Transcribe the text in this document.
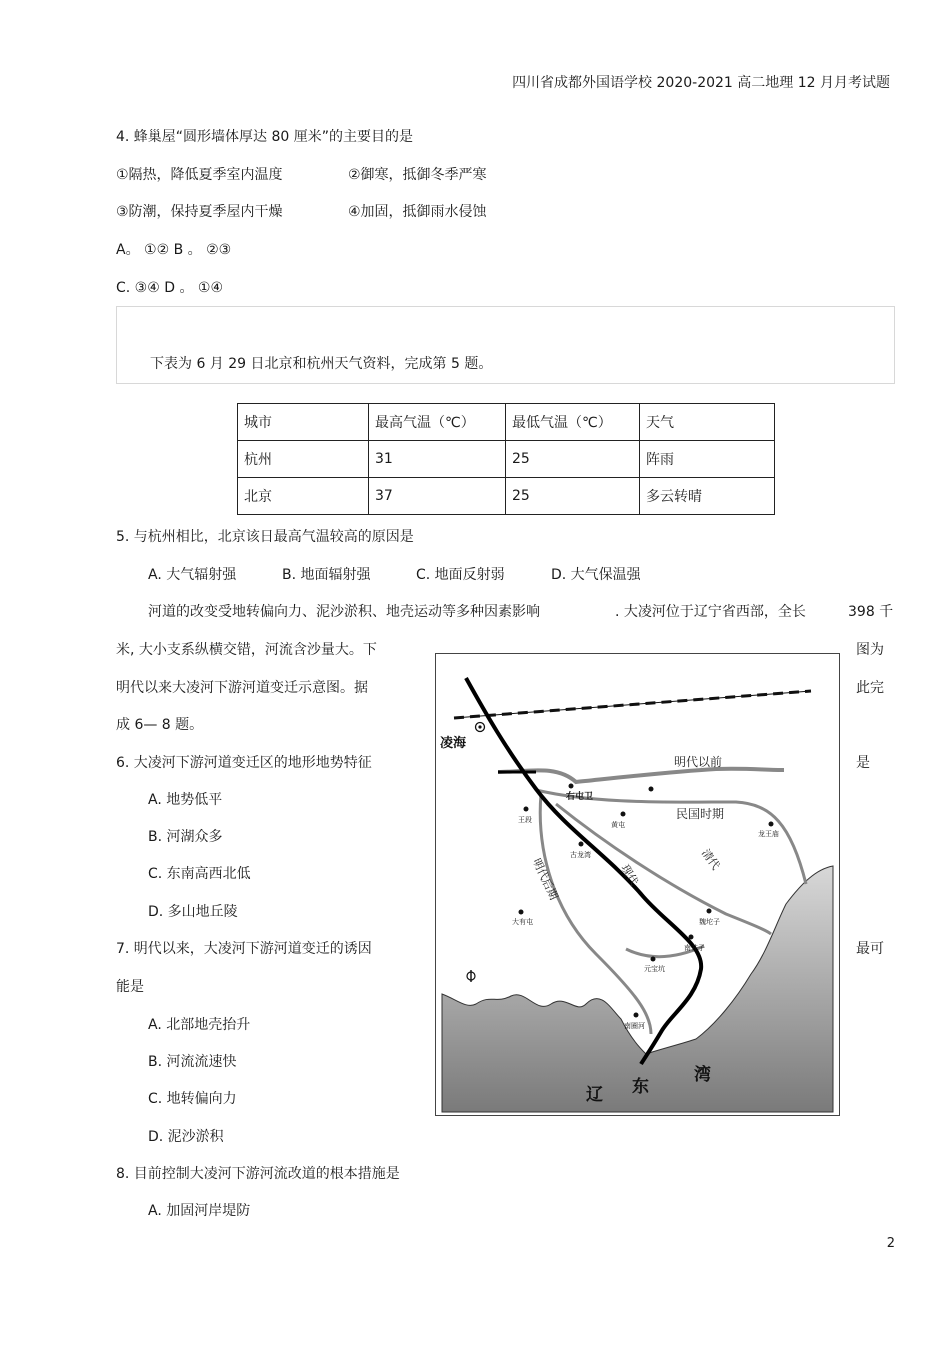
四川省成都外国语学校 2020-2021 高二地理 12 月月考试题
4. 蜂巢屋“圆形墙体厚达 80 厘米”的主要目的是
①隔热，降低夏季室内温度	②御寒，抵御冬季严寒
③防潮，保持夏季屋内干燥	④加固，抵御雨水侵蚀
A。 ①② B 。 ②③
C. ③④ D 。 ①④
下表为 6 月 29 日北京和杭州天气资料，完成第 5 题。
城市	最高气温（℃）	最低气温（℃）	天气
杭州	31	25	阵雨
北京	37	25	多云转晴
5. 与杭州相比，北京该日最高气温较高的原因是
A. 大气辐射强	B. 地面辐射强	C. 地面反射弱	D. 大气保温强
河道的改变受地转偏向力、泥沙淤积、地壳运动等多种因素影响	. 大凌河位于辽宁省西部，全长	398 千
米, 大小支系纵横交错，河流含沙量大。下	图为
明代以来大凌河下游河道变迁示意图。据	此完
成 6— 8 题。
6. 大凌河下游河道变迁区的地形地势特征	是
A. 地势低平
B. 河湖众多
C. 东南高西北低
D. 多山地丘陵
7. 明代以来，大凌河下游河道变迁的诱因	最可
能是
A. 北部地壳抬升
B. 河流流速快
C. 地转偏向力
D. 泥沙淤积
8. 目前控制大凌河下游河流改道的根本措施是
A. 加固河岸堤防
凌海
明代以前
民国时期
明代后期	清代
现代
右屯卫
王段
黄屯
古龙湾
龙王庙
大有屯	魏坨子
南井子
元宝坑
南圈河
辽 东
湾
2
